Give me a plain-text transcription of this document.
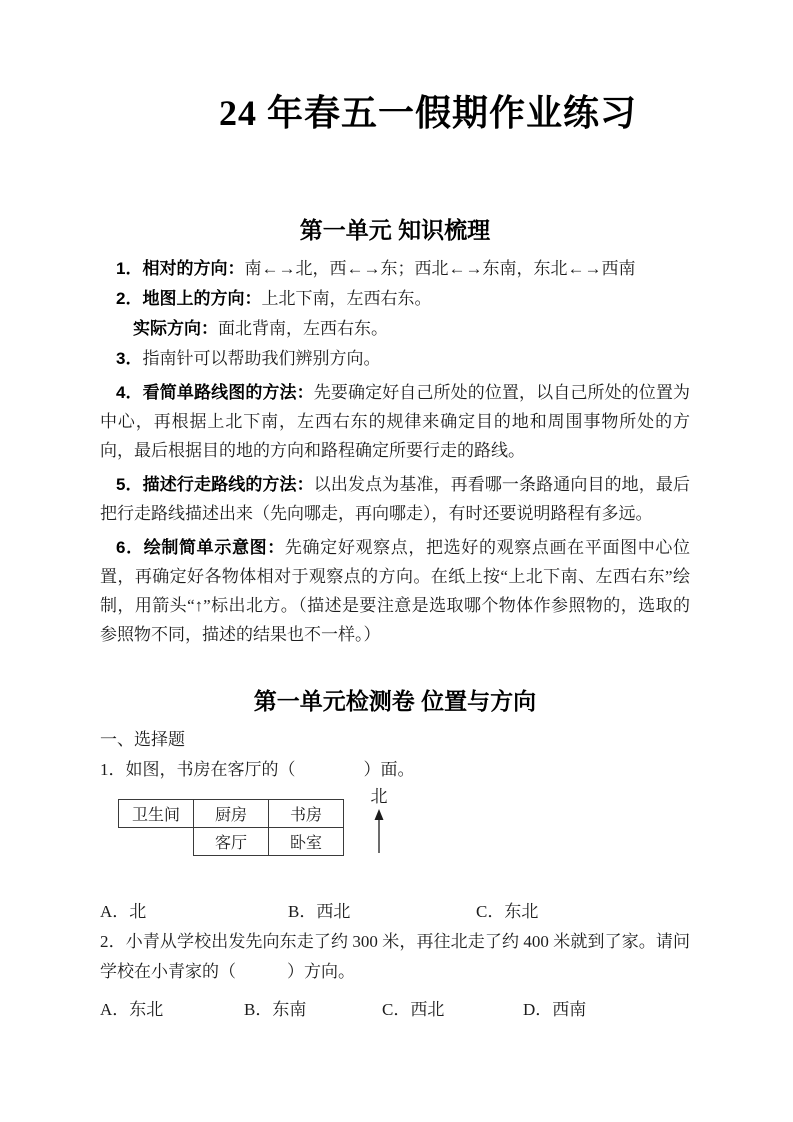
24 年春五一假期作业练习
第一单元 知识梳理

1．相对的方向：南←→北，西←→东；西北←→东南，东北←→西南

2．地图上的方向：上北下南，左西右东。

实际方向：面北背南，左西右东。

3．指南针可以帮助我们辨别方向。

4．看简单路线图的方法：先要确定好自己所处的位置，以自己所处的位置为中心，再根据上北下南，左西右东的规律来确定目的地和周围事物所处的方向，最后根据目的地的方向和路程确定所要行走的路线。

5．描述行走路线的方法：以出发点为基准，再看哪一条路通向目的地，最后把行走路线描述出来（先向哪走，再向哪走），有时还要说明路程有多远。

6．绘制简单示意图：先确定好观察点，把选好的观察点画在平面图中心位置，再确定好各物体相对于观察点的方向。在纸上按“上北下南、左西右东”绘制，用箭头“↑”标出北方。（描述是要注意是选取哪个物体作参照物的，选取的参照物不同，描述的结果也不一样。）

第一单元检测卷 位置与方向

一、选择题

1．如图，书房在客厅的（　　　　）面。

卫生间	厨房	书房
	客厅	卧室
北
A．北	B．西北	C．东北

2．小青从学校出发先向东走了约 300 米，再往北走了约 400 米就到了家。请问学校在小青家的（　　　）方向。

A．东北	B．东南	C．西北	D．西南
